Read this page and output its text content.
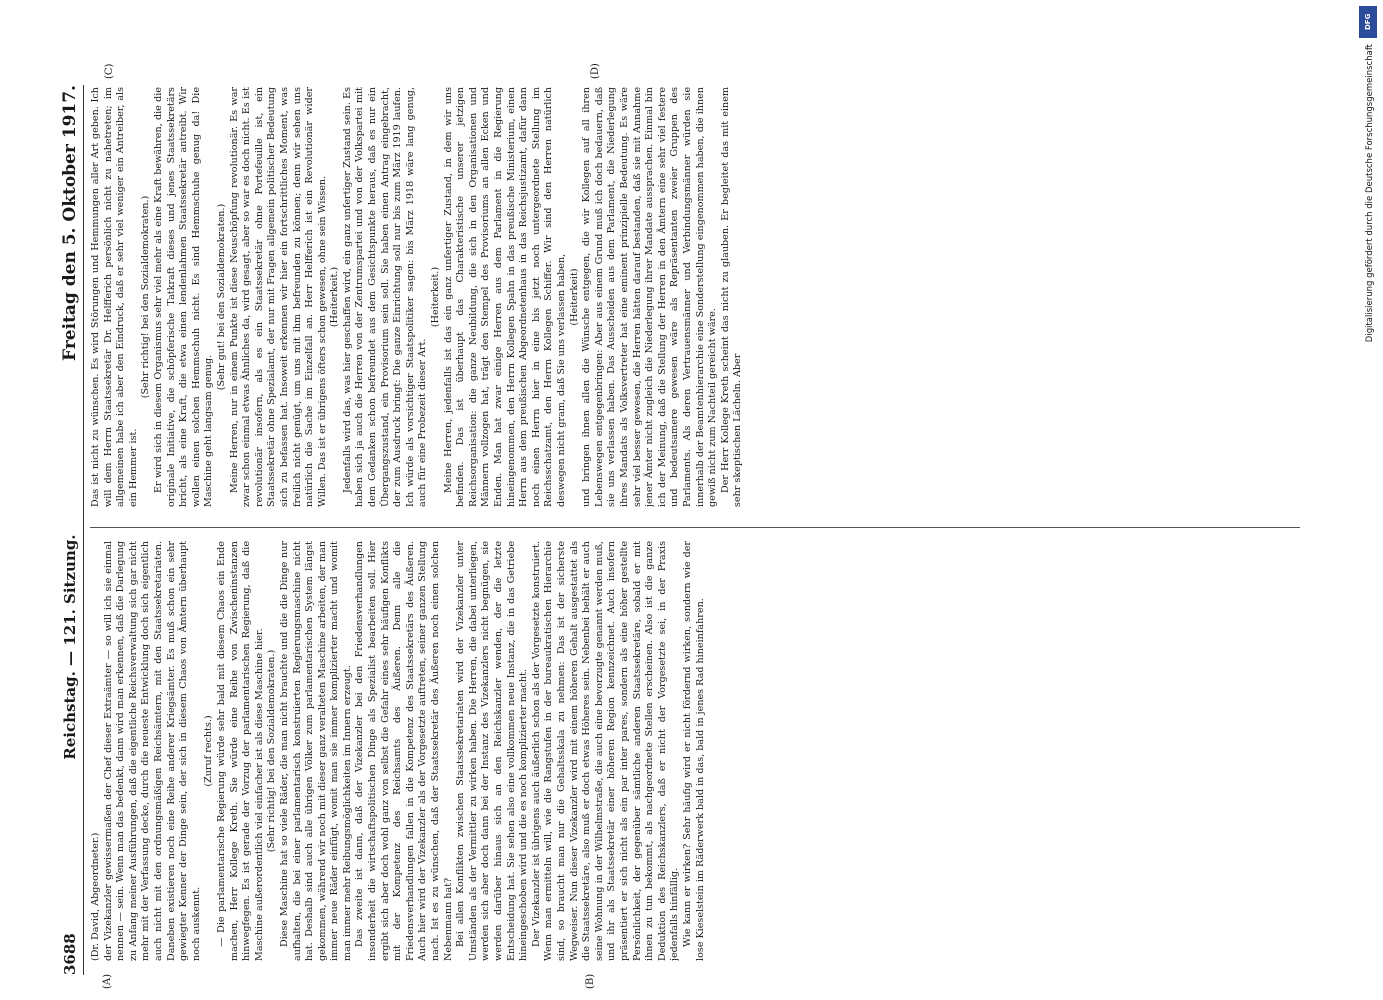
DFG
Digitalisierung gefördert durch die Deutsche Forschungsgemeinschaft
3688
Reichstag. — 121. Sitzung.
Freitag den 5. Oktober 1917.
(A)	(B)
(C)	(D)

(Dr. David, Abgeordneter.) der Vizekanzler gewissermaßen der Chef dieser Extraämter — so will ich sie einmal nennen — sein. Wenn man das bedenkt, dann wird man erkennen, daß die Darlegung zu Anfang meiner Ausführungen, daß die eigentliche Reichsverwaltung sich gar nicht mehr mit der Verfassung decke, durch die neueste Entwicklung doch sich eigentlich auch nicht mit den ordnungsmäßigen Reichsämtern, mit den Staatssekretariaten. Daneben existieren noch eine Reihe anderer Kriegsämter. Es muß schon ein sehr gewiegter Kenner der Dinge sein, der sich in diesem Chaos von Ämtern überhaupt noch auskennt.

(Zuruf rechts.) — Die parlamentarische Regierung würde sehr bald mit diesem Chaos ein Ende machen, Herr Kollege Kreth. Sie würde eine Reihe von Zwischeninstanzen hinwegfegen. Es ist gerade der Vorzug der parlamentarischen Regierung, daß die Maschine außerordentlich viel einfacher ist als diese Maschine hier. (Sehr richtig! bei den Sozialdemokraten.) Diese Maschine hat so viele Räder, die man nicht brauchte und die die Dinge nur aufhalten, die bei einer parlamentarisch konstruierten Regierungsmaschine nicht hat. Deshalb sind auch alle übrigen Völker zum parlamentarischen System längst gekommen, während wir noch mit dieser ganz veralteten Maschine arbeiten, der man immer neue Räder einfügt, womit man sie immer komplizierter macht und womit man immer mehr Reibungsmöglichkeiten im Innern erzeugt. Das zweite ist dann, daß der Vizekanzler bei den Friedensverhandlungen insonderheit die wirtschaftspolitischen Dinge als Spezialist bearbeiten soll. Hier ergibt sich aber doch wohl ganz von selbst die Gefahr eines sehr häufigen Konflikts mit der Kompetenz des Reichsamts des Äußeren. Denn alle die Friedensverhandlungen fallen in die Kompetenz des Staatssekretärs des Äußeren. Auch hier wird der Vizekanzler als der Vorgesetzte auftreten, seiner ganzen Stellung nach. Ist es zu wünschen, daß der Staatssekretär des Äußeren noch einen solchen Nebenmann hat? Bei allen Konflikten zwischen Staatssekretariaten wird der Vizekanzler unter Umständen als der Vermittler zu wirken haben. Die Herren, die dabei unterliegen, werden sich aber doch dann bei der Instanz des Vizekanzlers nicht begnügen, sie werden darüber hinaus sich an den Reichskanzler wenden, der die letzte Entscheidung hat. Sie sehen also eine vollkommen neue Instanz, die in das Getriebe hineingeschoben wird und die es noch komplizierter macht. Der Vizekanzler ist übrigens auch äußerlich schon als der Vorgesetzte konstruiert. Wenn man ermitteln will, wie die Rangstufen in der bureaukratischen Hierarchie sind, so braucht man nur die Gehaltsskala zu nehmen: Das ist der sicherste Wegweiser. Nun dieser Vizekanzler wird mit einem höheren Gehalt ausgestattet als die Staatssekretäre, also muß er doch etwas Höheres sein. Nebenbei behält er auch seine Wohnung in der Wilhelmstraße, die auch eine bevorzugte genannt werden muß, und ihr als Staatssekretär einer höheren Region kennzeichnet. Auch insofern präsentiert er sich nicht als ein par inter pares, sondern als eine höher gestellte Persönlichkeit, der gegenüber sämtliche anderen Staatssekretäre, sobald er mit ihnen zu tun bekommt, als nachgeordnete Stellen erscheinen. Also ist die ganze Deduktion des Reichskanzlers, daß er nicht der Vorgesetzte sei, in der Praxis jedenfalls hinfällig. Wie kann er wirken? Sehr häufig wird er nicht fördernd wirken, sondern wie der lose Kieselstein im Räderwerk bald in das, bald in jenes Rad hineinfahren.

Das ist nicht zu wünschen. Es wird Störungen und Hemmungen aller Art geben. Ich will dem Herrn Staatssekretär Dr. Helfferich persönlich nicht zu nahetreten; im allgemeinen habe ich aber den Eindruck, daß er sehr viel weniger ein Antreiber, als ein Hemmer ist.

(Sehr richtig! bei den Sozialdemokraten.) Er wird sich in diesem Organismus sehr viel mehr als eine Kraft bewähren, die die originale Initiative, die schöpferische Tatkraft dieses und jenes Staatssekretärs bricht, als eine Kraft, die etwa einen lendenlahmen Staatssekretär antreibt. Wir wollen einen solchen Hemmschuh nicht. Es sind Hemmschuhe genug da! Die Maschine geht langsam genug.

(Sehr gut! bei den Sozialdemokraten.) Meine Herren, nur in einem Punkte ist diese Neuschöpfung revolutionär. Es war zwar schon einmal etwas Ähnliches da, wird gesagt, aber so war es doch nicht. Es ist revolutionär insofern, als es ein Staatssekretär ohne Portefeuille ist, ein Staatssekretär ohne Spezialamt, der nur mit Fragen allgemein politischer Bedeutung sich zu befassen hat. Insoweit erkennen wir hier ein fortschrittliches Moment, was freilich nicht genügt, um uns mit ihm befreunden zu können; denn wir sehen uns natürlich die Sache im Einzelfall an. Herr Helfferich ist ein Revolutionär wider Willen. Das ist er übrigens öfters schon gewesen, ohne sein Wissen. (Heiterkeit.) Jedenfalls wird das, was hier geschaffen wird, ein ganz unfertiger Zustand sein. Es haben sich ja auch die Herren von der Zentrumspartei und von der Volkspartei mit dem Gedanken schon befreundet aus dem Gesichtspunkte heraus, daß es nur ein Übergangszustand, ein Provisorium sein soll. Sie haben einen Antrag eingebracht, der zum Ausdruck bringt: Die ganze Einrichtung soll nur bis zum März 1919 laufen. Ich würde als vorsichtiger Staatspolitiker sagen: bis März 1918 wäre lang genug, auch für eine Probezeit dieser Art.

(Heiterkeit.) Meine Herren, jedenfalls ist das ein ganz unfertiger Zustand, in dem wir uns befinden. Das ist überhaupt das Charakteristische unserer jetzigen Reichsorganisation: die ganze Neubildung, die sich in den Organisationen und Männern vollzogen hat, trägt den Stempel des Provisoriums an allen Ecken und Enden. Man hat zwar einige Herren aus dem Parlament in die Regierung hineingenommen, den Herrn Kollegen Spahn in das preußische Ministerium, einen Herrn aus dem preußischen Abgeordnetenhaus in das Reichsjustizamt, dafür dann noch einen Herrn hier in eine bis jetzt noch untergeordnete Stellung im Reichsschatzamt, den Herrn Kollegen Schiffer. Wir sind den Herren natürlich deswegen nicht gram, daß Sie uns verlassen haben, (Heiterkeit) und bringen ihnen allen die Wünsche entgegen, die wir Kollegen auf all ihren Lebenswegen entgegenbringen: Aber aus einem Grund muß ich doch bedauern, daß sie uns verlassen haben. Das Ausscheiden aus dem Parlament, die Niederlegung ihres Mandats als Volksvertreter hat eine eminent prinzipielle Bedeutung. Es wäre sehr viel besser gewesen, die Herren hätten darauf bestanden, daß sie mit Annahme jener Ämter nicht zugleich die Niederlegung ihrer Mandate aussprachen. Einmal bin ich der Meinung, daß die Stellung der Herren in den Ämtern eine sehr viel festere und bedeutsamere gewesen wäre als Repräsentanten zweier Gruppen des Parlaments. Als deren Vertrauensmänner und Verbindungsmänner würden sie innerhalb der Beamtenhierarchie eine Sonderstellung eingenommen haben, die ihnen gewiß nicht zum Nachteil gereicht wäre. Der Herr Kollege Kreth scheint das nicht zu glauben. Er begleitet das mit einem sehr skeptischen Lächeln. Aber
